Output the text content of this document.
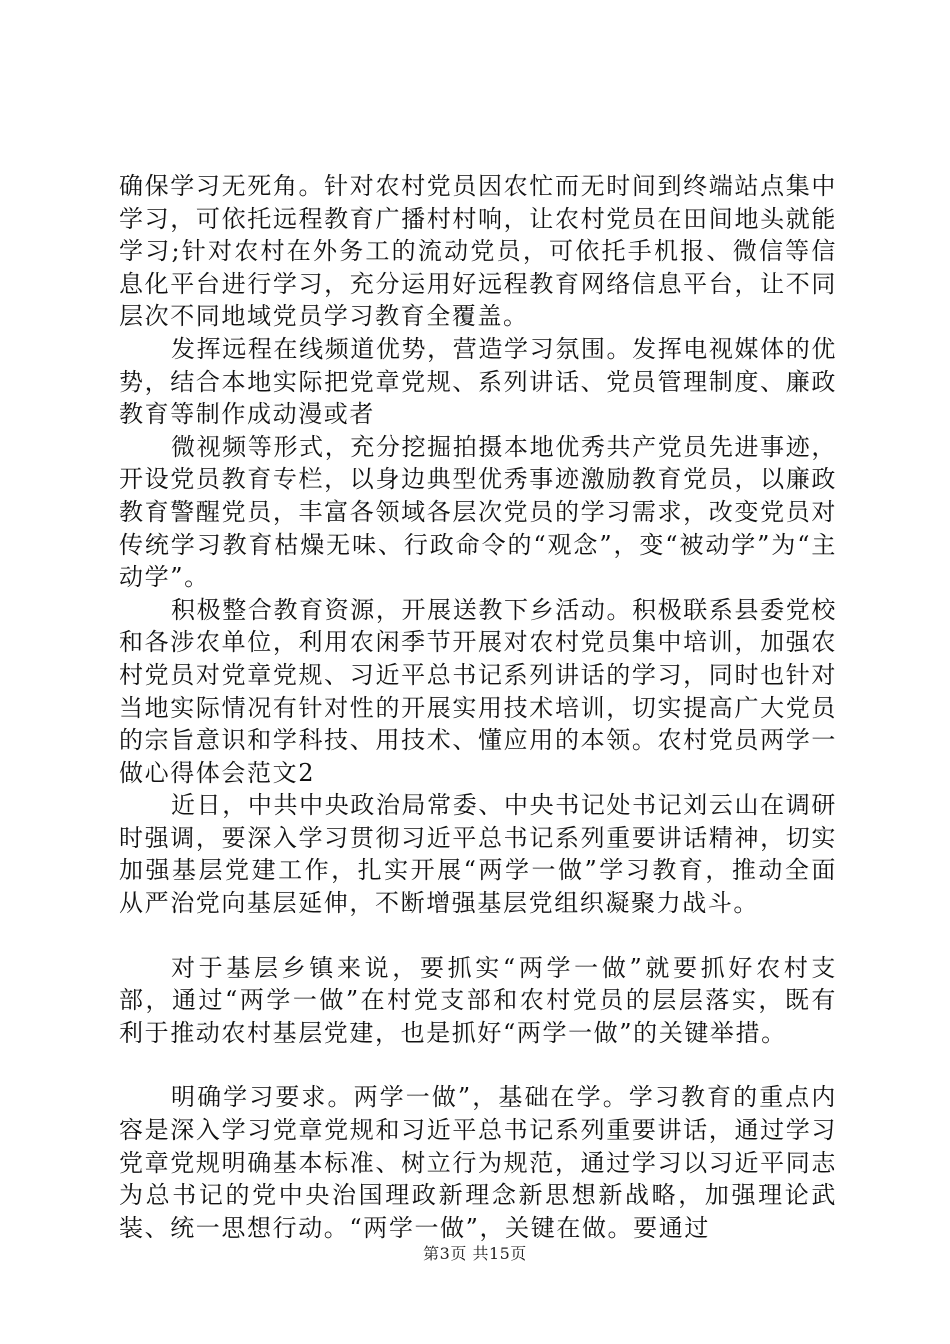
确保学习无死角。针对农村党员因农忙而无时间到终端站点集中学习，可依托远程教育广播村村响，让农村党员在田间地头就能学习;针对农村在外务工的流动党员，可依托手机报、微信等信息化平台进行学习，充分运用好远程教育网络信息平台，让不同层次不同地域党员学习教育全覆盖。

发挥远程在线频道优势，营造学习氛围。发挥电视媒体的优势，结合本地实际把党章党规、系列讲话、党员管理制度、廉政教育等制作成动漫或者

微视频等形式，充分挖掘拍摄本地优秀共产党员先进事迹，开设党员教育专栏，以身边典型优秀事迹激励教育党员，以廉政教育警醒党员，丰富各领域各层次党员的学习需求，改变党员对传统学习教育枯燥无味、行政命令的“观念”，变“被动学”为“主动学”。

积极整合教育资源，开展送教下乡活动。积极联系县委党校和各涉农单位，利用农闲季节开展对农村党员集中培训，加强农村党员对党章党规、习近平总书记系列讲话的学习，同时也针对当地实际情况有针对性的开展实用技术培训，切实提高广大党员的宗旨意识和学科技、用技术、懂应用的本领。农村党员两学一做心得体会范文2

近日，中共中央政治局常委、中央书记处书记刘云山在调研时强调，要深入学习贯彻习近平总书记系列重要讲话精神，切实加强基层党建工作，扎实开展“两学一做”学习教育，推动全面从严治党向基层延伸，不断增强基层党组织凝聚力战斗。

对于基层乡镇来说，要抓实“两学一做”就要抓好农村支部，通过“两学一做”在村党支部和农村党员的层层落实，既有利于推动农村基层党建，也是抓好“两学一做”的关键举措。

明确学习要求。两学一做”，基础在学。学习教育的重点内容是深入学习党章党规和习近平总书记系列重要讲话，通过学习党章党规明确基本标准、树立行为规范，通过学习以习近平同志为总书记的党中央治国理政新理念新思想新战略，加强理论武装、统一思想行动。“两学一做”，关键在做。要通过

第3页 共15页
